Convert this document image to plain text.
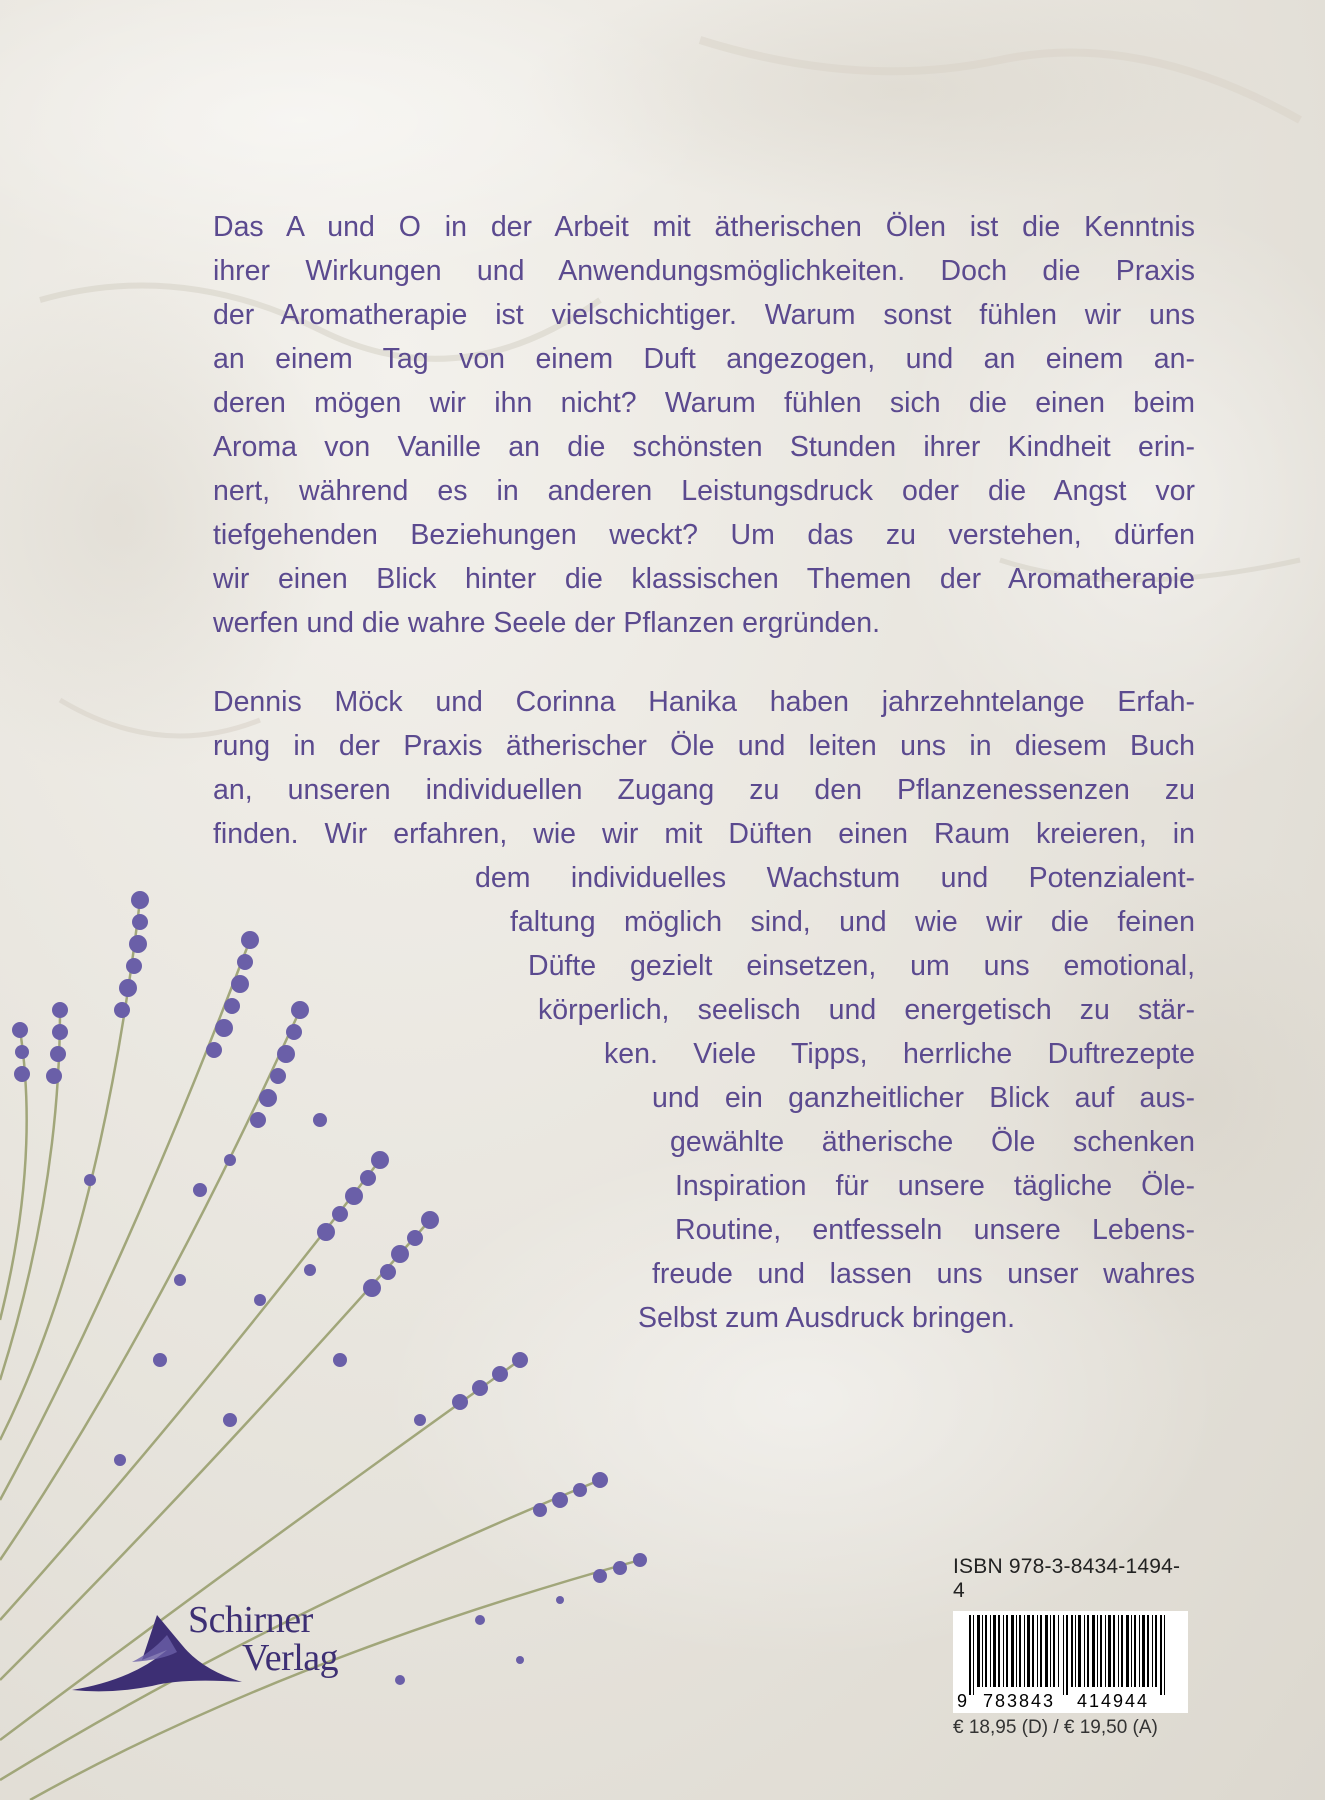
Das A und O in der Arbeit mit ätherischen Ölen ist die Kenntnis
ihrer Wirkungen und Anwendungsmöglichkeiten. Doch die Praxis
der Aromatherapie ist vielschichtiger. Warum sonst fühlen wir uns
an einem Tag von einem Duft angezogen, und an einem an-
deren mögen wir ihn nicht? Warum fühlen sich die einen beim
Aroma von Vanille an die schönsten Stunden ihrer Kindheit erin-
nert, während es in anderen Leistungsdruck oder die Angst vor
tiefgehenden Beziehungen weckt? Um das zu verstehen, dürfen
wir einen Blick hinter die klassischen Themen der Aromatherapie
werfen und die wahre Seele der Pflanzen ergründen.
Dennis Möck und Corinna Hanika haben jahrzehntelange Erfah-
rung in der Praxis ätherischer Öle und leiten uns in diesem Buch
an, unseren individuellen Zugang zu den Pflanzenessenzen zu
finden. Wir erfahren, wie wir mit Düften einen Raum kreieren, in
dem individuelles Wachstum und Potenzialent-
faltung möglich sind, und wie wir die feinen
Düfte gezielt einsetzen, um uns emotional,
körperlich, seelisch und energetisch zu stär-
ken. Viele Tipps, herrliche Duftrezepte
und ein ganzheitlicher Blick auf aus-
gewählte ätherische Öle schenken
Inspiration für unsere tägliche Öle-
Routine, entfesseln unsere Lebens-
freude und lassen uns unser wahres
Selbst zum Ausdruck bringen.
Schirner
Verlag
ISBN 978-3-8434-1494-4
9 783843 414944
€ 18,95 (D) / € 19,50 (A)
